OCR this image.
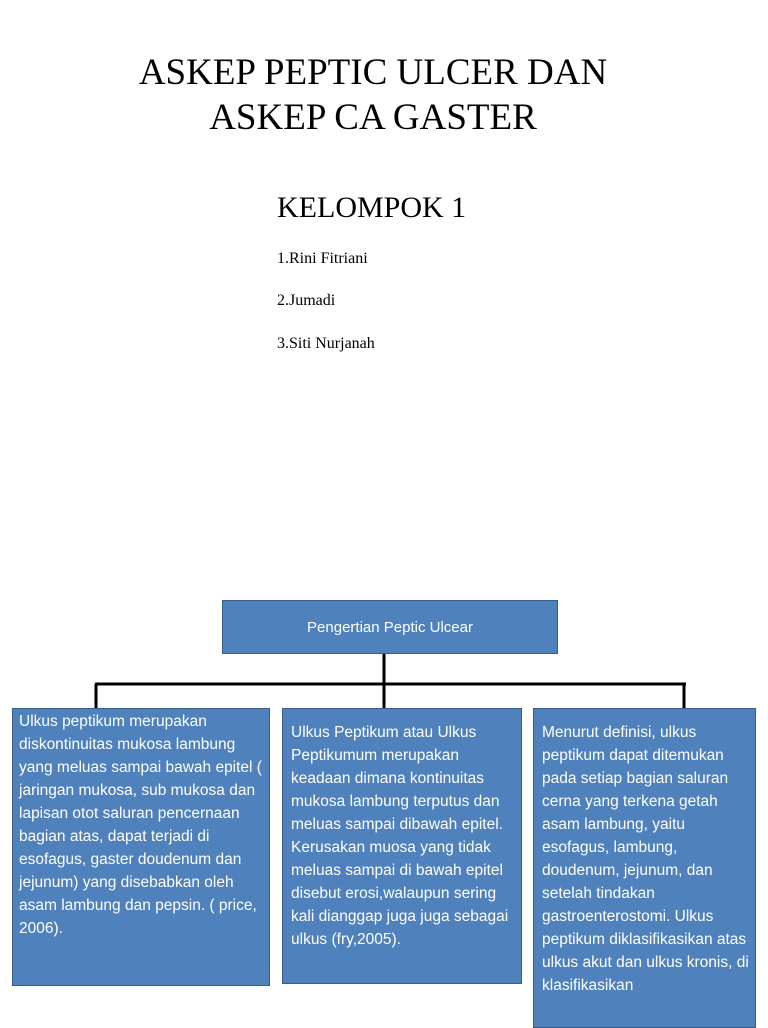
ASKEP PEPTIC ULCER DAN
ASKEP CA GASTER
KELOMPOK 1
1.Rini Fitriani
2.Jumadi
3.Siti Nurjanah
Pengertian Peptic Ulcear
Ulkus peptikum merupakan diskontinuitas mukosa lambung yang meluas sampai bawah epitel ( jaringan mukosa, sub mukosa dan lapisan otot saluran pencernaan bagian atas, dapat terjadi di esofagus, gaster doudenum dan jejunum) yang disebabkan oleh asam lambung dan pepsin. ( price, 2006).
Ulkus Peptikum atau Ulkus Peptikumum merupakan keadaan dimana kontinuitas mukosa lambung terputus dan meluas sampai dibawah epitel. Kerusakan muosa yang tidak meluas sampai di bawah epitel disebut erosi,walaupun sering kali dianggap juga juga sebagai ulkus (fry,2005).
Menurut definisi, ulkus peptikum dapat ditemukan pada setiap bagian saluran cerna yang terkena getah asam lambung, yaitu esofagus, lambung, doudenum, jejunum, dan setelah tindakan gastroenterostomi. Ulkus peptikum diklasifikasikan atas ulkus akut dan ulkus kronis, di klasifikasikan
